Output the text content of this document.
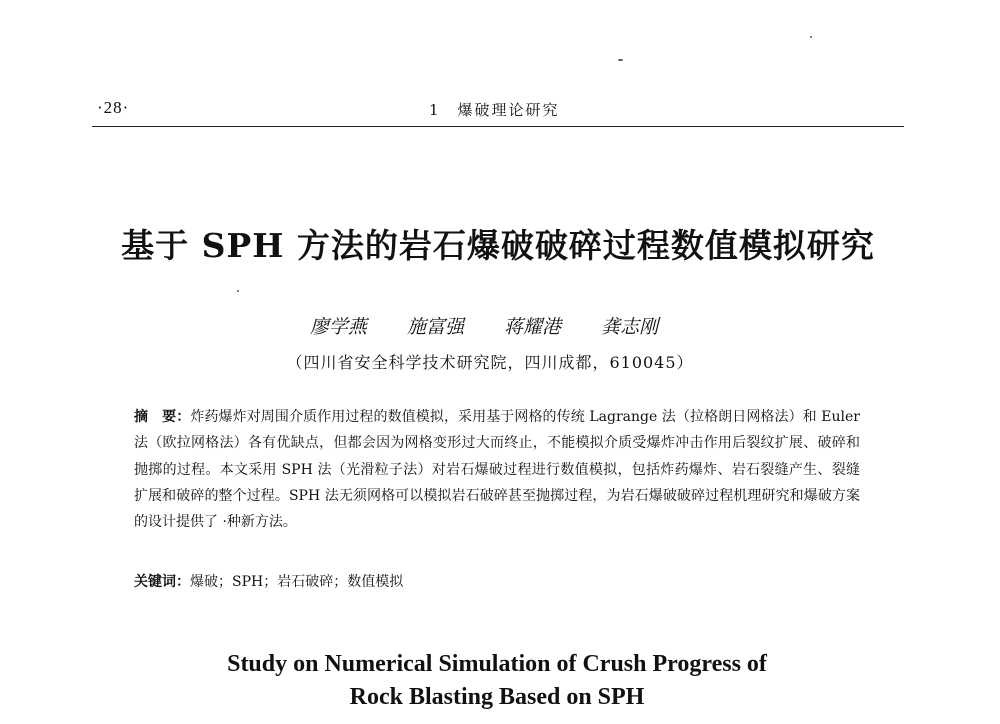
·28·	1　爆破理论研究
基于 SPH 方法的岩石爆破破碎过程数值模拟研究
廖学燕 施富强 蒋耀港 龚志刚
（四川省安全科学技术研究院，四川成都，610045）

摘　要：炸药爆炸对周围介质作用过程的数值模拟，采用基于网格的传统 Lagrange 法（拉格朗日网格法）和 Euler 法（欧拉网格法）各有优缺点，但都会因为网格变形过大而终止，不能模拟介质受爆炸冲击作用后裂纹扩展、破碎和抛掷的过程。本文采用 SPH 法（光滑粒子法）对岩石爆破过程进行数值模拟，包括炸药爆炸、岩石裂缝产生、裂缝扩展和破碎的整个过程。SPH 法无须网格可以模拟岩石破碎甚至抛掷过程，为岩石爆破破碎过程机理研究和爆破方案的设计提供了 ·种新方法。

关键词：爆破；SPH；岩石破碎；数值模拟
Study on Numerical Simulation of Crush Progress of
Rock Blasting Based on SPH
